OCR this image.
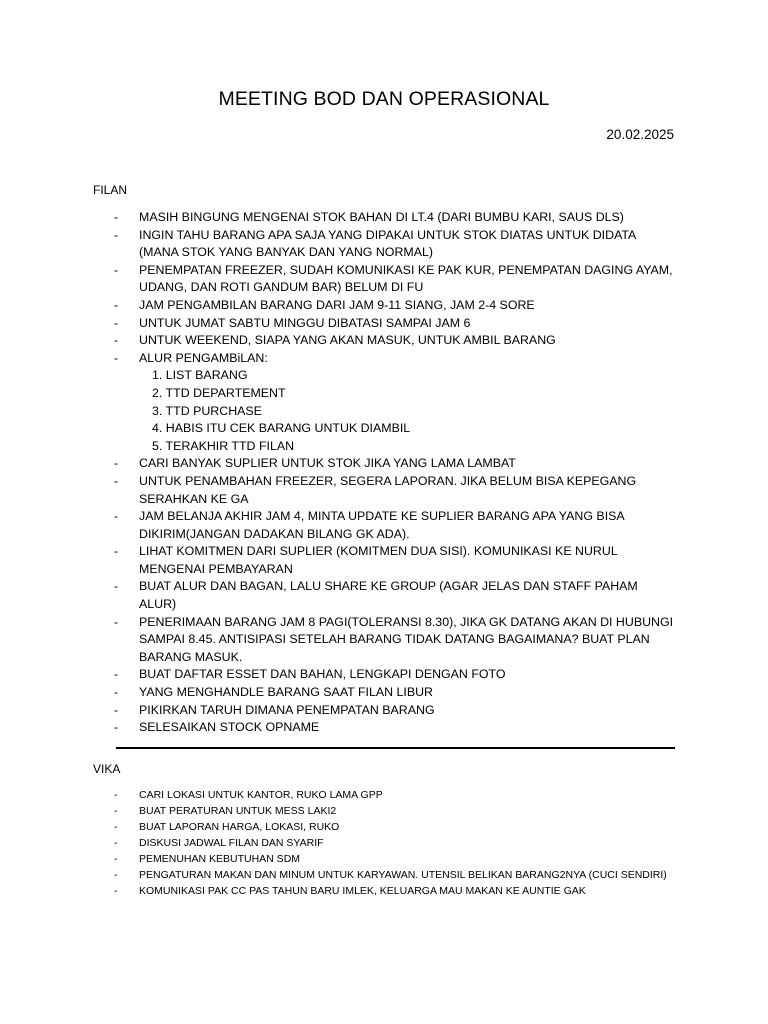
MEETING BOD DAN OPERASIONAL
20.02.2025
FILAN
- MASIH BINGUNG MENGENAI STOK BAHAN DI LT.4 (DARI BUMBU KARI, SAUS DLS)
- INGIN TAHU BARANG APA SAJA YANG DIPAKAI UNTUK STOK DIATAS UNTUK DIDATA (MANA STOK YANG BANYAK DAN YANG NORMAL)
- PENEMPATAN FREEZER, SUDAH KOMUNIKASI KE PAK KUR, PENEMPATAN DAGING AYAM, UDANG, DAN ROTI GANDUM BAR) BELUM DI FU
- JAM PENGAMBILAN BARANG DARI JAM 9-11 SIANG, JAM 2-4 SORE
- UNTUK JUMAT SABTU MINGGU DIBATASI SAMPAI JAM 6
- UNTUK WEEKEND, SIAPA YANG AKAN MASUK, UNTUK AMBIL BARANG
- ALUR PENGAMBiLAN:
1. LIST BARANG
2. TTD DEPARTEMENT
3. TTD PURCHASE
4. HABIS ITU CEK BARANG UNTUK DIAMBIL
5. TERAKHIR TTD FILAN
- CARI BANYAK SUPLIER UNTUK STOK JIKA YANG LAMA LAMBAT
- UNTUK PENAMBAHAN FREEZER, SEGERA LAPORAN. JIKA BELUM BISA KEPEGANG SERAHKAN KE GA
- JAM BELANJA AKHIR JAM 4, MINTA UPDATE KE SUPLIER BARANG APA YANG BISA DIKIRIM(JANGAN DADAKAN BILANG GK ADA).
- LIHAT KOMITMEN DARI SUPLIER (KOMITMEN DUA SISI). KOMUNIKASI KE NURUL MENGENAI PEMBAYARAN
- BUAT ALUR DAN BAGAN, LALU SHARE KE GROUP (AGAR JELAS DAN STAFF PAHAM ALUR)
- PENERIMAAN BARANG JAM 8 PAGI(TOLERANSI 8.30), JIKA GK DATANG AKAN DI HUBUNGI SAMPAI 8.45. ANTISIPASI SETELAH BARANG TIDAK DATANG BAGAIMANA? BUAT PLAN BARANG MASUK.
- BUAT DAFTAR ESSET DAN BAHAN, LENGKAPI DENGAN FOTO
- YANG MENGHANDLE BARANG SAAT FILAN LIBUR
- PIKIRKAN TARUH DIMANA PENEMPATAN BARANG
- SELESAIKAN STOCK OPNAME
VIKA
- CARI LOKASI UNTUK KANTOR, RUKO LAMA GPP
- BUAT PERATURAN UNTUK MESS LAKI2
- BUAT LAPORAN HARGA, LOKASI, RUKO
- DISKUSI JADWAL FILAN DAN SYARIF
- PEMENUHAN KEBUTUHAN SDM
- PENGATURAN MAKAN DAN MINUM UNTUK KARYAWAN. UTENSIL BELIKAN BARANG2NYA (CUCI SENDIRI)
- KOMUNIKASI PAK CC PAS TAHUN BARU IMLEK, KELUARGA MAU MAKAN KE AUNTIE GAK
